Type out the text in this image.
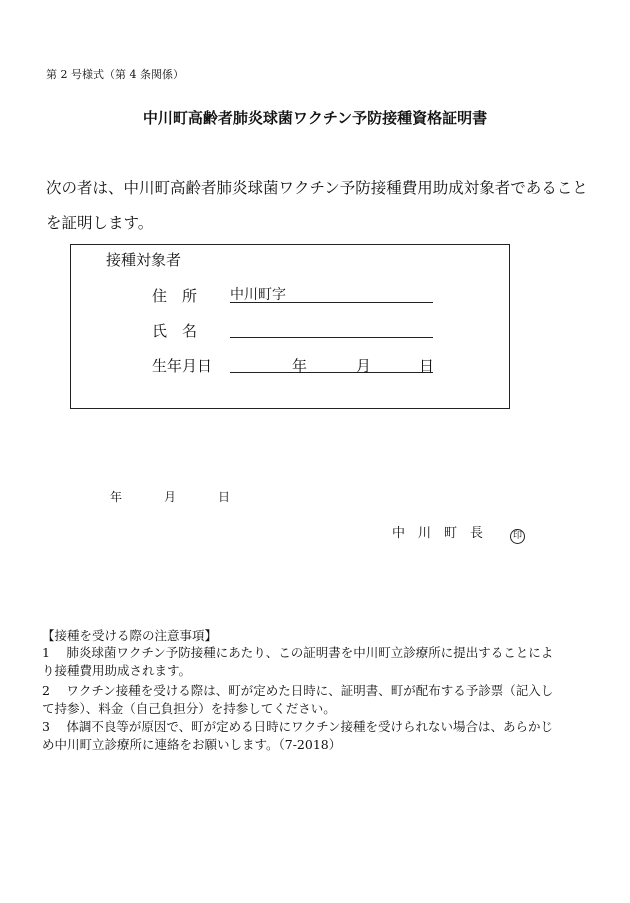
第 2 号様式（第 4 条関係）
中川町高齢者肺炎球菌ワクチン予防接種資格証明書
次の者は、中川町高齢者肺炎球菌ワクチン予防接種費用助成対象者であること
を証明します。
接種対象者
住　所 中川町字
氏　名
生年月日	年	月	日
年	月	日
中　川　町　長	印
【接種を受ける際の注意事項】
1　 肺炎球菌ワクチン予防接種にあたり、この証明書を中川町立診療所に提出することによ
り接種費用助成されます。
2　 ワクチン接種を受ける際は、町が定めた日時に、証明書、町が配布する予診票（記入し
て持参）、料金（自己負担分）を持参してください。
3　 体調不良等が原因で、町が定める日時にワクチン接種を受けられない場合は、あらかじ
め中川町立診療所に連絡をお願いします。（7-2018）
